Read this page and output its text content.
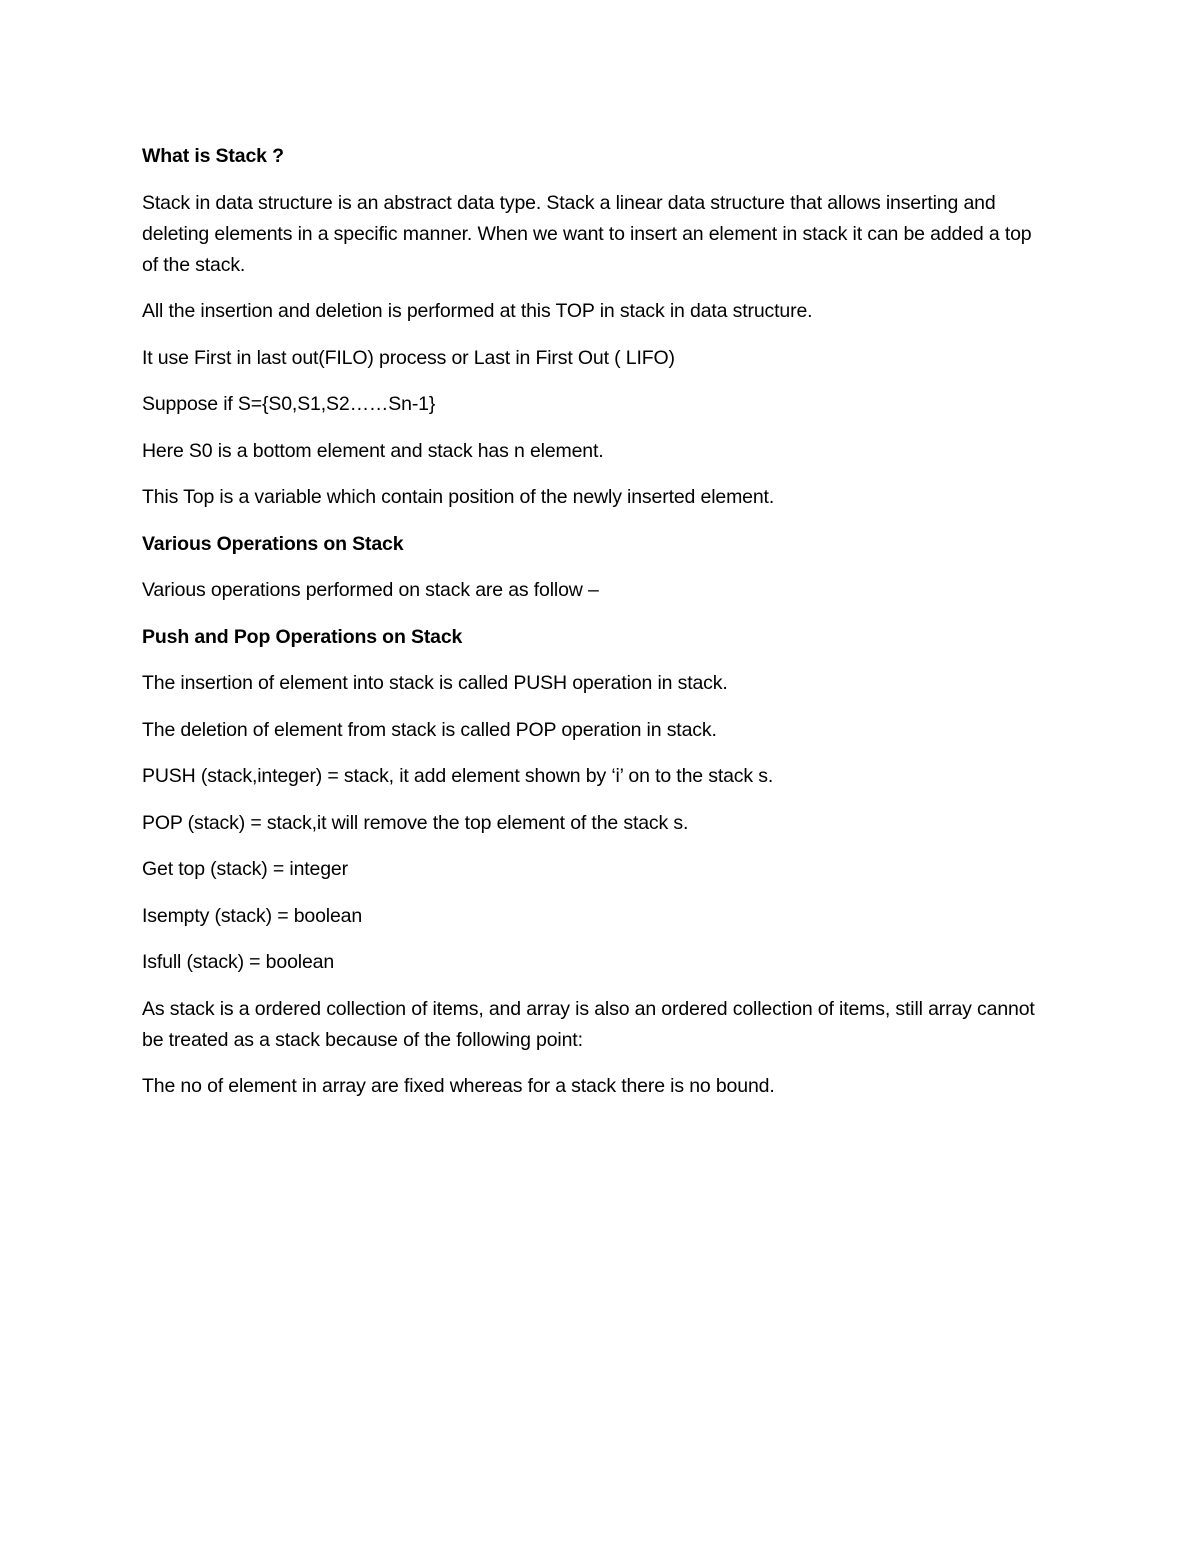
What is Stack ?

Stack in data structure is an abstract data type. Stack a linear data structure that allows inserting and deleting elements in a specific manner. When we want to insert an element in stack it can be added a top of the stack.

All the insertion and deletion is performed at this TOP in stack in data structure.

It use First in last out(FILO) process or Last in First Out ( LIFO)

Suppose if S={S0,S1,S2……Sn-1}

Here S0 is a bottom element and stack has n element.

This Top is a variable which contain position of the newly inserted element.

Various Operations on Stack

Various operations performed on stack are as follow –

Push and Pop Operations on Stack

The insertion of element into stack is called PUSH operation in stack.

The deletion of element from stack is called POP operation in stack.

PUSH (stack,integer) = stack, it add element shown by ‘i’ on to the stack s.

POP (stack) = stack,it will remove the top element of the stack s.

Get top (stack) = integer

Isempty (stack) = boolean

Isfull (stack) = boolean

As stack is a ordered collection of items, and array is also an ordered collection of items, still array cannot be treated as a stack because of the following point:

The no of element in array are fixed whereas for a stack there is no bound.
